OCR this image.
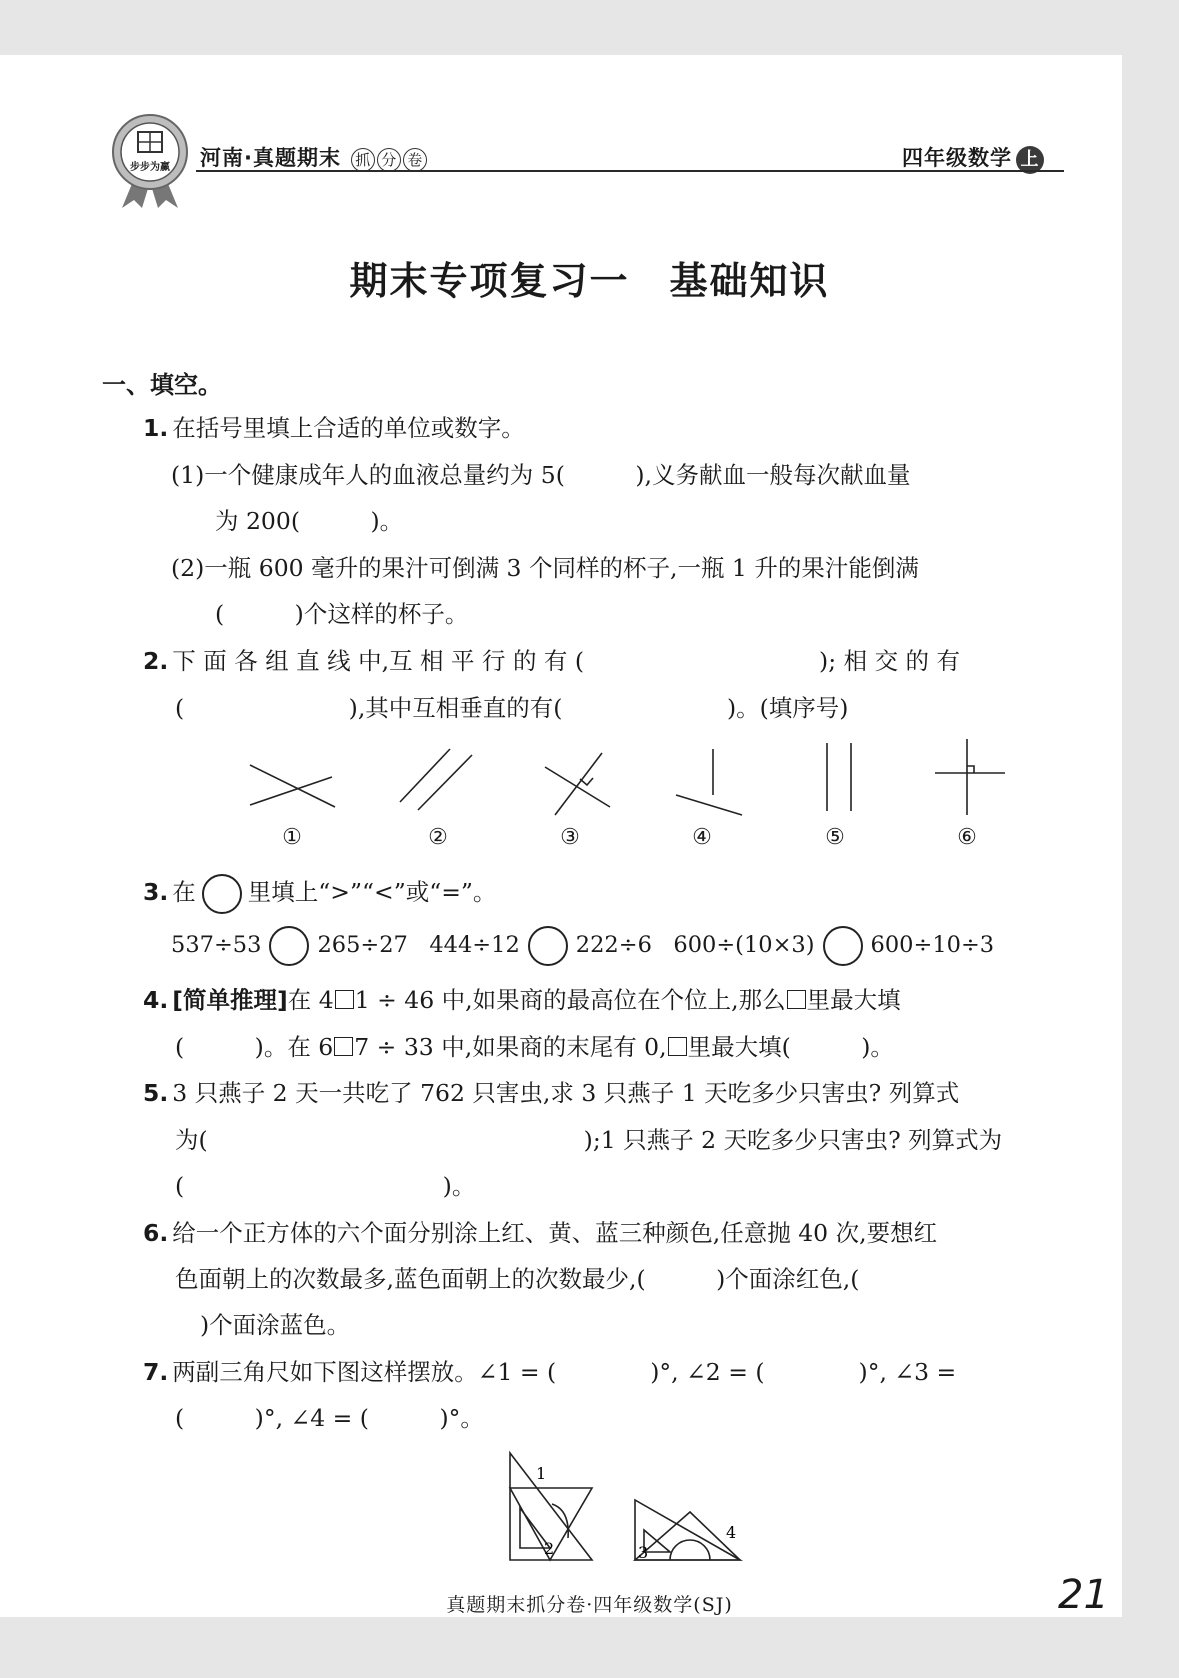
步步为赢 河南·真题期末 抓 分 卷	四年级数学 上
期末专项复习一　基础知识
一、填空。
1. 在括号里填上合适的单位或数字。
(1)一个健康成年人的血液总量约为 5(　　　),义务献血一般每次献血量
为 200(　　　)。
(2)一瓶 600 毫升的果汁可倒满 3 个同样的杯子,一瓶 1 升的果汁能倒满
(　　　)个这样的杯子。
2. 下 面 各 组 直 线 中,互 相 平 行 的 有 (　　　　　　　　　　); 相 交 的 有
(　　　　　　　),其中互相垂直的有(　　　　　　　)。(填序号)
①	②	③	④	⑤	⑥
3. 在 里填上“>”“<”或“=”。
537÷53 265÷27 444÷12 222÷6 600÷(10×3) 600÷10÷3
4. [简单推理]在 4 1 ÷ 46 中,如果商的最高位在个位上,那么 里最大填
(　　　)。在 6 7 ÷ 33 中,如果商的末尾有 0, 里最大填(　　　)。
5. 3 只燕子 2 天一共吃了 762 只害虫,求 3 只燕子 1 天吃多少只害虫? 列算式
为(　　　　　　　　　　　　　　　　);1 只燕子 2 天吃多少只害虫? 列算式为
(　　　　　　　　　　　)。
6. 给一个正方体的六个面分别涂上红、黄、蓝三种颜色,任意抛 40 次,要想红
色面朝上的次数最多,蓝色面朝上的次数最少,(　　　)个面涂红色,(
)个面涂蓝色。
7. 两副三角尺如下图这样摆放。∠1 = (　　　　)°, ∠2 = (　　　　)°, ∠3 =
(　　　)°, ∠4 = (　　　)°。
1
2	3
4
真题期末抓分卷·四年级数学(SJ)	21
